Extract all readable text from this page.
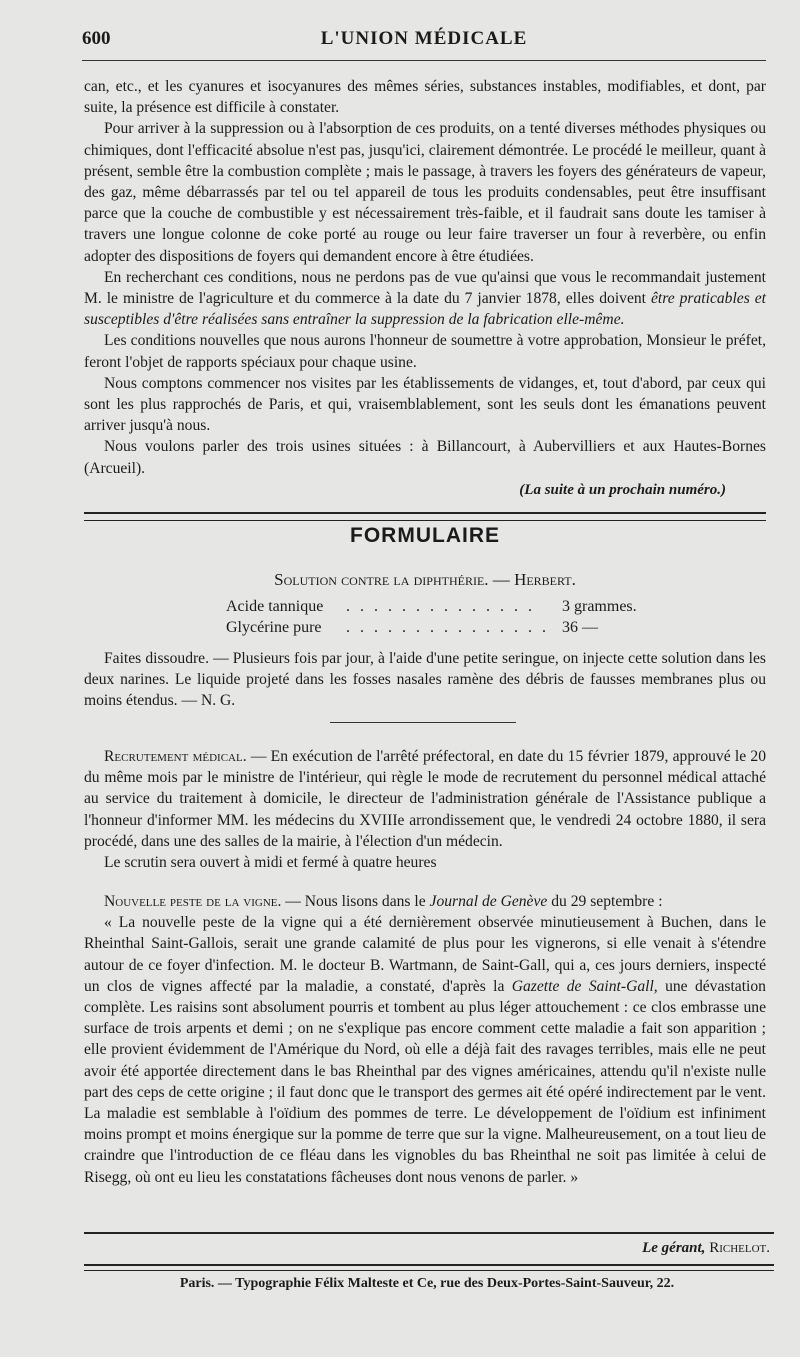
600	L'UNION MÉDICALE

can, etc., et les cyanures et isocyanures des mêmes séries, substances instables, modifiables, et dont, par suite, la présence est difficile à constater.

Pour arriver à la suppression ou à l'absorption de ces produits, on a tenté diverses méthodes physiques ou chimiques, dont l'efficacité absolue n'est pas, jusqu'ici, clairement démontrée. Le procédé le meilleur, quant à présent, semble être la combustion complète ; mais le passage, à travers les foyers des générateurs de vapeur, des gaz, même débarrassés par tel ou tel appareil de tous les produits condensables, peut être insuffisant parce que la couche de combustible y est nécessairement très-faible, et il faudrait sans doute les tamiser à travers une longue colonne de coke porté au rouge ou leur faire traverser un four à reverbère, ou enfin adopter des dispositions de foyers qui demandent encore à être étudiées.

En recherchant ces conditions, nous ne perdons pas de vue qu'ainsi que vous le recommandait justement M. le ministre de l'agriculture et du commerce à la date du 7 janvier 1878, elles doivent être praticables et susceptibles d'être réalisées sans entraîner la suppression de la fabrication elle-même.

Les conditions nouvelles que nous aurons l'honneur de soumettre à votre approbation, Monsieur le préfet, feront l'objet de rapports spéciaux pour chaque usine.

Nous comptons commencer nos visites par les établissements de vidanges, et, tout d'abord, par ceux qui sont les plus rapprochés de Paris, et qui, vraisemblablement, sont les seuls dont les émanations peuvent arriver jusqu'à nous.

Nous voulons parler des trois usines situées : à Billancourt, à Aubervilliers et aux Hautes-Bornes (Arcueil).

(La suite à un prochain numéro.)
FORMULAIRE
Solution contre la diphthérie. — Herbert.
Acide tannique . . . . . . . . . . . . . . 3 grammes.
Glycérine pure . . . . . . . . . . . . . . . 36 —

Faites dissoudre. — Plusieurs fois par jour, à l'aide d'une petite seringue, on injecte cette solution dans les deux narines. Le liquide projeté dans les fosses nasales ramène des débris de fausses membranes plus ou moins étendus. — N. G.

Recrutement médical. — En exécution de l'arrêté préfectoral, en date du 15 février 1879, approuvé le 20 du même mois par le ministre de l'intérieur, qui règle le mode de recrutement du personnel médical attaché au service du traitement à domicile, le directeur de l'administration générale de l'Assistance publique a l'honneur d'informer MM. les médecins du XVIIIe arrondissement que, le vendredi 24 octobre 1880, il sera procédé, dans une des salles de la mairie, à l'élection d'un médecin.

Le scrutin sera ouvert à midi et fermé à quatre heures

Nouvelle peste de la vigne. — Nous lisons dans le Journal de Genève du 29 septembre :

« La nouvelle peste de la vigne qui a été dernièrement observée minutieusement à Buchen, dans le Rheinthal Saint-Gallois, serait une grande calamité de plus pour les vignerons, si elle venait à s'étendre autour de ce foyer d'infection. M. le docteur B. Wartmann, de Saint-Gall, qui a, ces jours derniers, inspecté un clos de vignes affecté par la maladie, a constaté, d'après la Gazette de Saint-Gall, une dévastation complète. Les raisins sont absolument pourris et tombent au plus léger attouchement : ce clos embrasse une surface de trois arpents et demi ; on ne s'explique pas encore comment cette maladie a fait son apparition ; elle provient évidemment de l'Amérique du Nord, où elle a déjà fait des ravages terribles, mais elle ne peut avoir été apportée directement dans le bas Rheinthal par des vignes américaines, attendu qu'il n'existe nulle part des ceps de cette origine ; il faut donc que le transport des germes ait été opéré indirectement par le vent. La maladie est semblable à l'oïdium des pommes de terre. Le développement de l'oïdium est infiniment moins prompt et moins énergique sur la pomme de terre que sur la vigne. Malheureusement, on a tout lieu de craindre que l'introduction de ce fléau dans les vignobles du bas Rheinthal ne soit pas limitée à celui de Risegg, où ont eu lieu les constatations fâcheuses dont nous venons de parler. »

Le gérant, Richelot.
Paris. — Typographie Félix Malteste et Ce, rue des Deux-Portes-Saint-Sauveur, 22.
